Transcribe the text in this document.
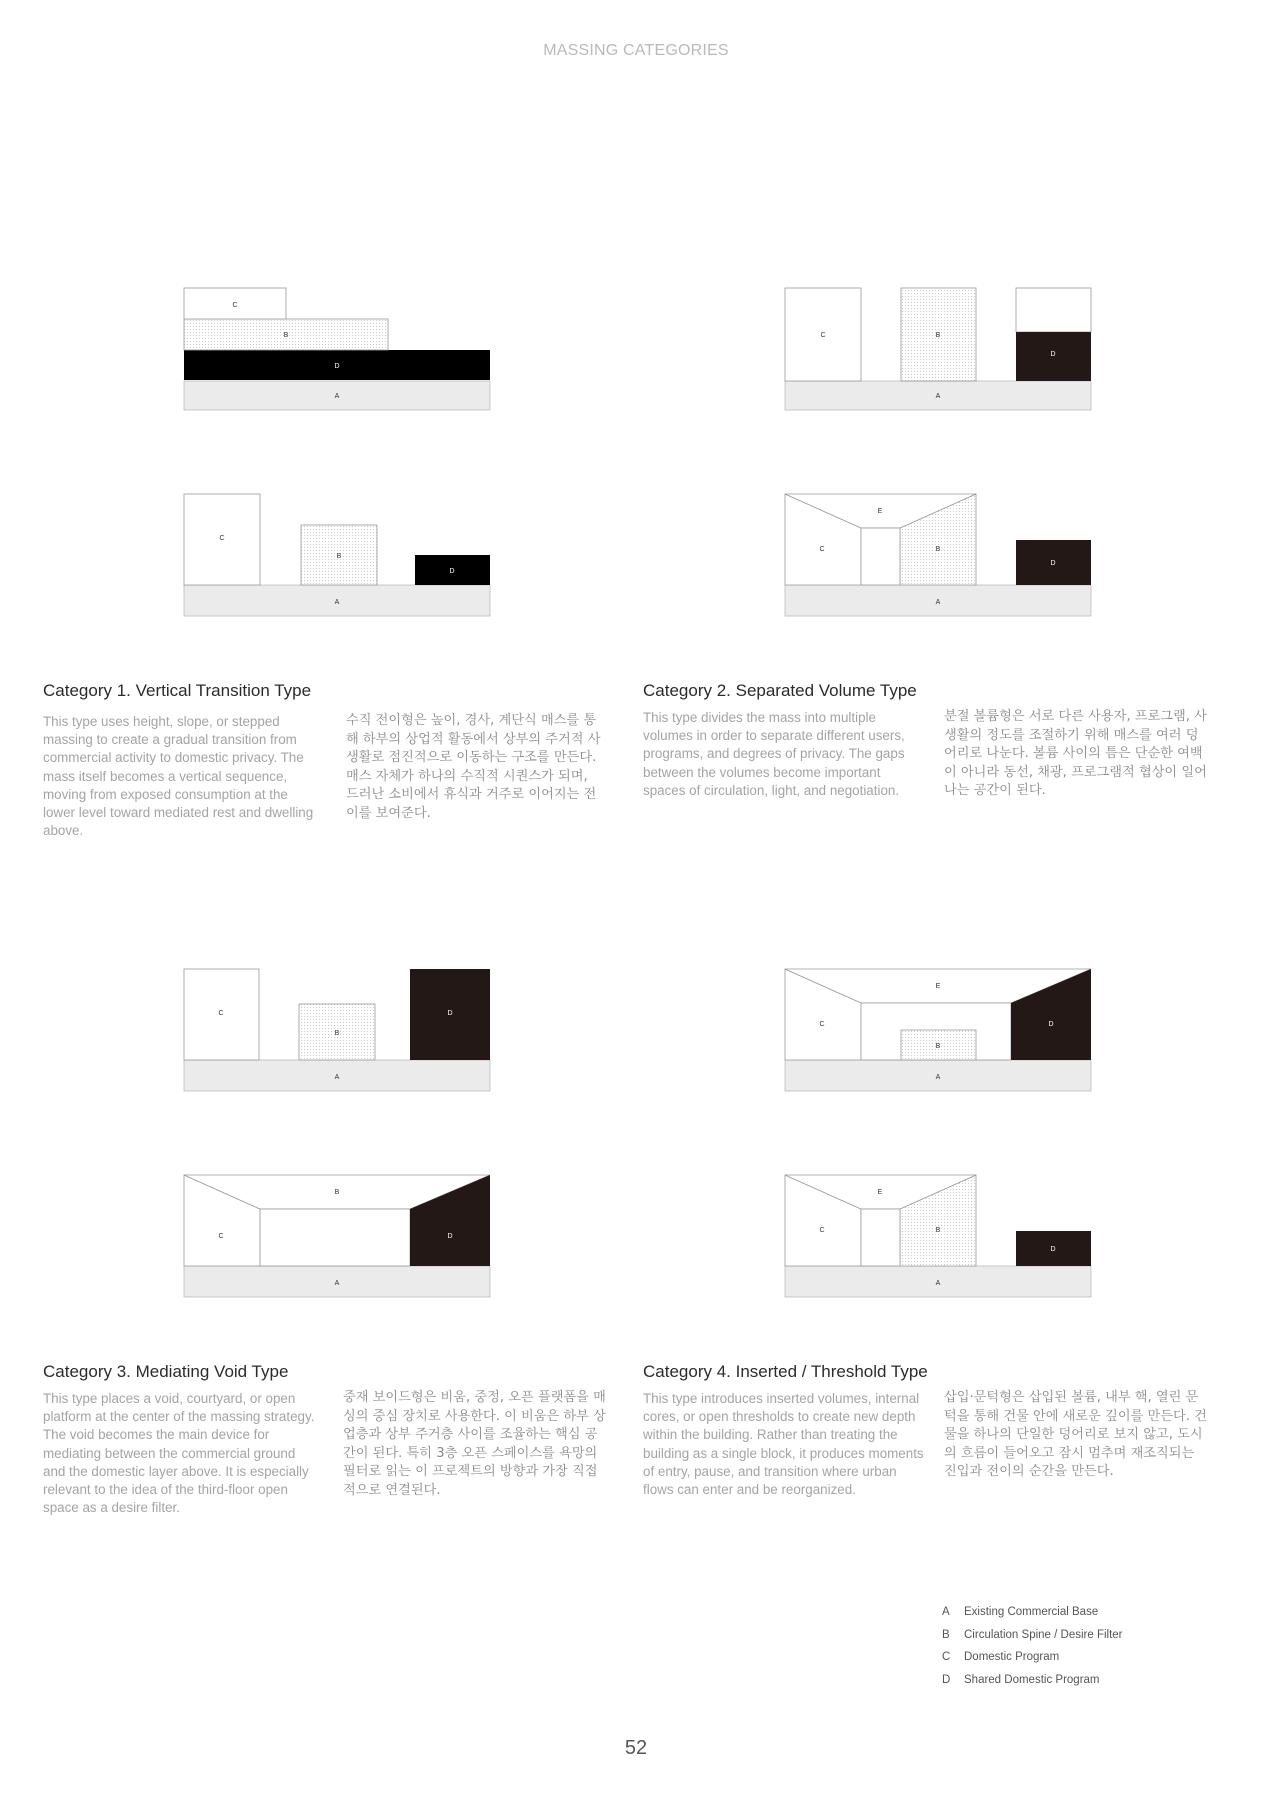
MASSING CATEGORIES
C
B
D
A
C
B
D
A
C	B
D
A
E
C	B
D
A
C
B
D
A
B
C	D
A
E
C
B
D
A
E
C	B
D
A
Category 1. Vertical Transition Type
This type uses height, slope, or stepped
massing to create a gradual transition from
commercial activity to domestic privacy. The
mass itself becomes a vertical sequence,
moving from exposed consumption at the
lower level toward mediated rest and dwelling
above.
수직 전이형은 높이, 경사, 계단식 매스를 통
해 하부의 상업적 활동에서 상부의 주거적 사
생활로 점진적으로 이동하는 구조를 만든다.
매스 자체가 하나의 수직적 시퀀스가 되며,
드러난 소비에서 휴식과 거주로 이어지는 전
이를 보여준다.
Category 2. Separated Volume Type
This type divides the mass into multiple
volumes in order to separate different users,
programs, and degrees of privacy. The gaps
between the volumes become important
spaces of circulation, light, and negotiation.
분절 볼륨형은 서로 다른 사용자, 프로그램, 사
생활의 정도를 조절하기 위해 매스를 여러 덩
어리로 나눈다. 볼륨 사이의 틈은 단순한 여백
이 아니라 동선, 채광, 프로그램적 협상이 일어
나는 공간이 된다.
Category 3. Mediating Void Type
This type places a void, courtyard, or open
platform at the center of the massing strategy.
The void becomes the main device for
mediating between the commercial ground
and the domestic layer above. It is especially
relevant to the idea of the third-floor open
space as a desire filter.
중재 보이드형은 비움, 중정, 오픈 플랫폼을 매
싱의 중심 장치로 사용한다. 이 비움은 하부 상
업층과 상부 주거층 사이를 조율하는 핵심 공
간이 된다. 특히 3층 오픈 스페이스를 욕망의
필터로 읽는 이 프로젝트의 방향과 가장 직접
적으로 연결된다.
Category 4. Inserted / Threshold Type
This type introduces inserted volumes, internal
cores, or open thresholds to create new depth
within the building. Rather than treating the
building as a single block, it produces moments
of entry, pause, and transition where urban
flows can enter and be reorganized.
삽입·문턱형은 삽입된 볼륨, 내부 핵, 열린 문
턱을 통해 건물 안에 새로운 깊이를 만든다. 건
물을 하나의 단일한 덩어리로 보지 않고, 도시
의 흐름이 들어오고 잠시 멈추며 재조직되는
진입과 전이의 순간을 만든다.
A	Existing Commercial Base
B	Circulation Spine / Desire Filter
C	Domestic Program
D	Shared Domestic Program
52
